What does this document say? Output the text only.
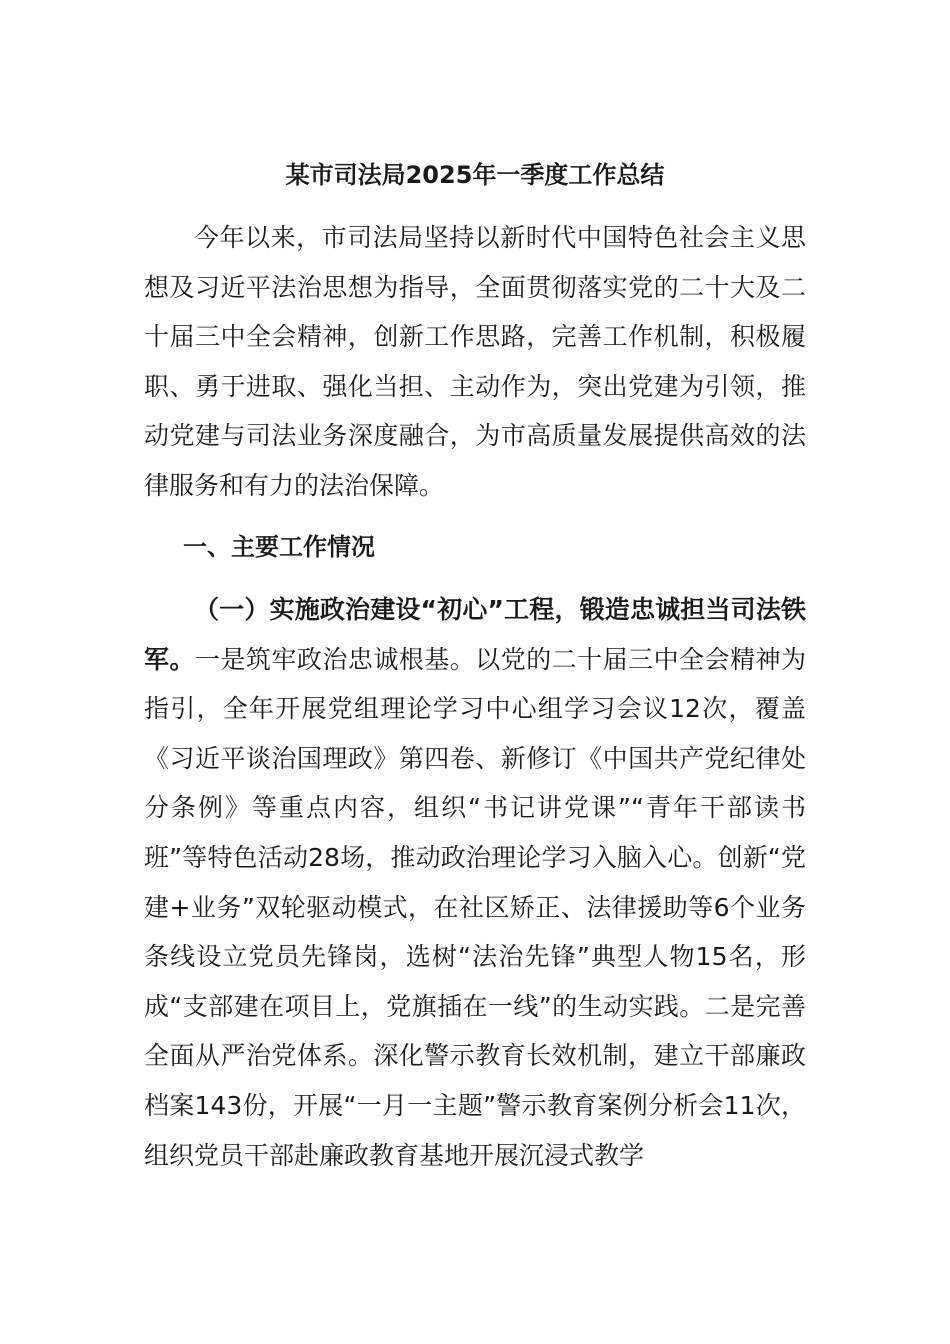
某市司法局2025年一季度工作总结

今年以来，市司法局坚持以新时代中国特色社会主义思想及习近平法治思想为指导，全面贯彻落实党的二十大及二十届三中全会精神，创新工作思路，完善工作机制，积极履职、勇于进取、强化当担、主动作为，突出党建为引领，推动党建与司法业务深度融合，为市高质量发展提供高效的法律服务和有力的法治保障。

一、主要工作情况

（一）实施政治建设“初心”工程，锻造忠诚担当司法铁军。一是筑牢政治忠诚根基。以党的二十届三中全会精神为指引，全年开展党组理论学习中心组学习会议12次，覆盖《习近平谈治国理政》第四卷、新修订《中国共产党纪律处分条例》等重点内容，组织“书记讲党课”“青年干部读书班”等特色活动28场，推动政治理论学习入脑入心。创新“党建+业务”双轮驱动模式，在社区矫正、法律援助等6个业务条线设立党员先锋岗，选树“法治先锋”典型人物15名，形成“支部建在项目上，党旗插在一线”的生动实践。二是完善全面从严治党体系。深化警示教育长效机制，建立干部廉政档案143份，开展“一月一主题”警示教育案例分析会11次，组织党员干部赴廉政教育基地开展沉浸式教学
